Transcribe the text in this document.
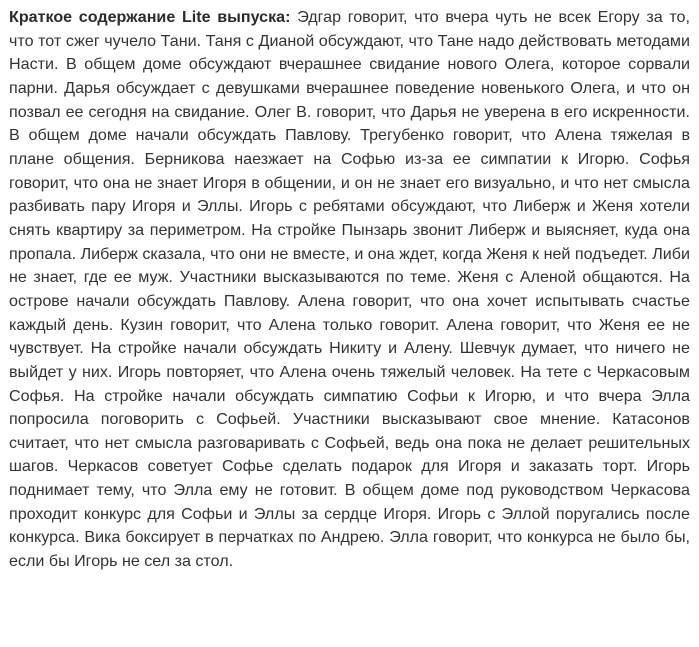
Краткое содержание Lite выпуска: Эдгар говорит, что вчера чуть не всек Егору за то, что тот сжег чучело Тани. Таня с Дианой обсуждают, что Тане надо действовать методами Насти. В общем доме обсуждают вчерашнее свидание нового Олега, которое сорвали парни. Дарья обсуждает с девушками вчерашнее поведение новенького Олега, и что он позвал ее сегодня на свидание. Олег В. говорит, что Дарья не уверена в его искренности. В общем доме начали обсуждать Павлову. Трегубенко говорит, что Алена тяжелая в плане общения. Берникова наезжает на Софью из-за ее симпатии к Игорю. Софья говорит, что она не знает Игоря в общении, и он не знает его визуально, и что нет смысла разбивать пару Игоря и Эллы. Игорь с ребятами обсуждают, что Либерж и Женя хотели снять квартиру за периметром. На стройке Пынзарь звонит Либерж и выясняет, куда она пропала. Либерж сказала, что они не вместе, и она ждет, когда Женя к ней подъедет. Либи не знает, где ее муж. Участники высказываются по теме. Женя с Аленой общаются. На острове начали обсуждать Павлову. Алена говорит, что она хочет испытывать счастье каждый день. Кузин говорит, что Алена только говорит. Алена говорит, что Женя ее не чувствует. На стройке начали обсуждать Никиту и Алену. Шевчук думает, что ничего не выйдет у них. Игорь повторяет, что Алена очень тяжелый человек. На тете с Черкасовым Софья. На стройке начали обсуждать симпатию Софьи к Игорю, и что вчера Элла попросила поговорить с Софьей. Участники высказывают свое мнение. Катасонов считает, что нет смысла разговаривать с Софьей, ведь она пока не делает решительных шагов. Черкасов советует Софье сделать подарок для Игоря и заказать торт. Игорь поднимает тему, что Элла ему не готовит. В общем доме под руководством Черкасова проходит конкурс для Софьи и Эллы за сердце Игоря. Игорь с Эллой поругались после конкурса. Вика боксирует в перчатках по Андрею. Элла говорит, что конкурса не было бы, если бы Игорь не сел за стол.
